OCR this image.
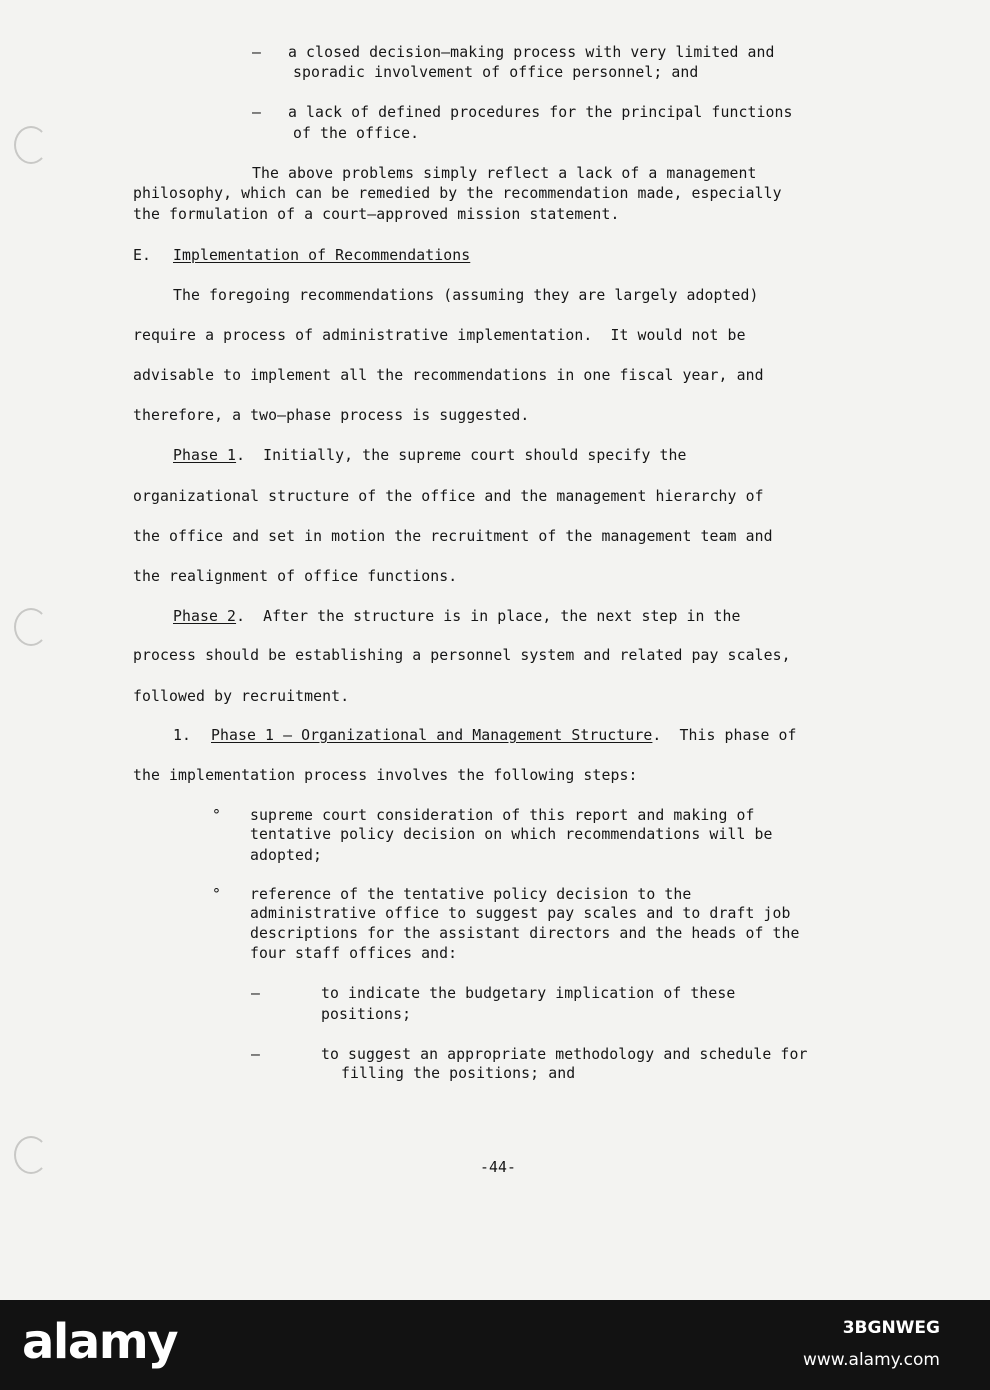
–   a closed decision–making process with very limited and
sporadic involvement of office personnel; and
–   a lack of defined procedures for the principal functions
of the office.
The above problems simply reflect a lack of a management
philosophy, which can be remedied by the recommendation made, especially
the formulation of a court–approved mission statement.
E. Implementation of Recommendations
The foregoing recommendations (assuming they are largely adopted)
require a process of administrative implementation.  It would not be
advisable to implement all the recommendations in one fiscal year, and
therefore, a two–phase process is suggested.
Phase 1.  Initially, the supreme court should specify the
organizational structure of the office and the management hierarchy of
the office and set in motion the recruitment of the management team and
the realignment of office functions.
Phase 2.  After the structure is in place, the next step in the
process should be establishing a personnel system and related pay scales,
followed by recruitment.
1. Phase 1 – Organizational and Management Structure.  This phase of
the implementation process involves the following steps:
° supreme court consideration of this report and making of
tentative policy decision on which recommendations will be
adopted;
° reference of the tentative policy decision to the
administrative office to suggest pay scales and to draft job
descriptions for the assistant directors and the heads of the
four staff offices and:
–	to indicate the budgetary implication of these
positions;
–	to suggest an appropriate methodology and schedule for
filling the positions; and
-44-
alamy	3BGNWEG
www.alamy.com
